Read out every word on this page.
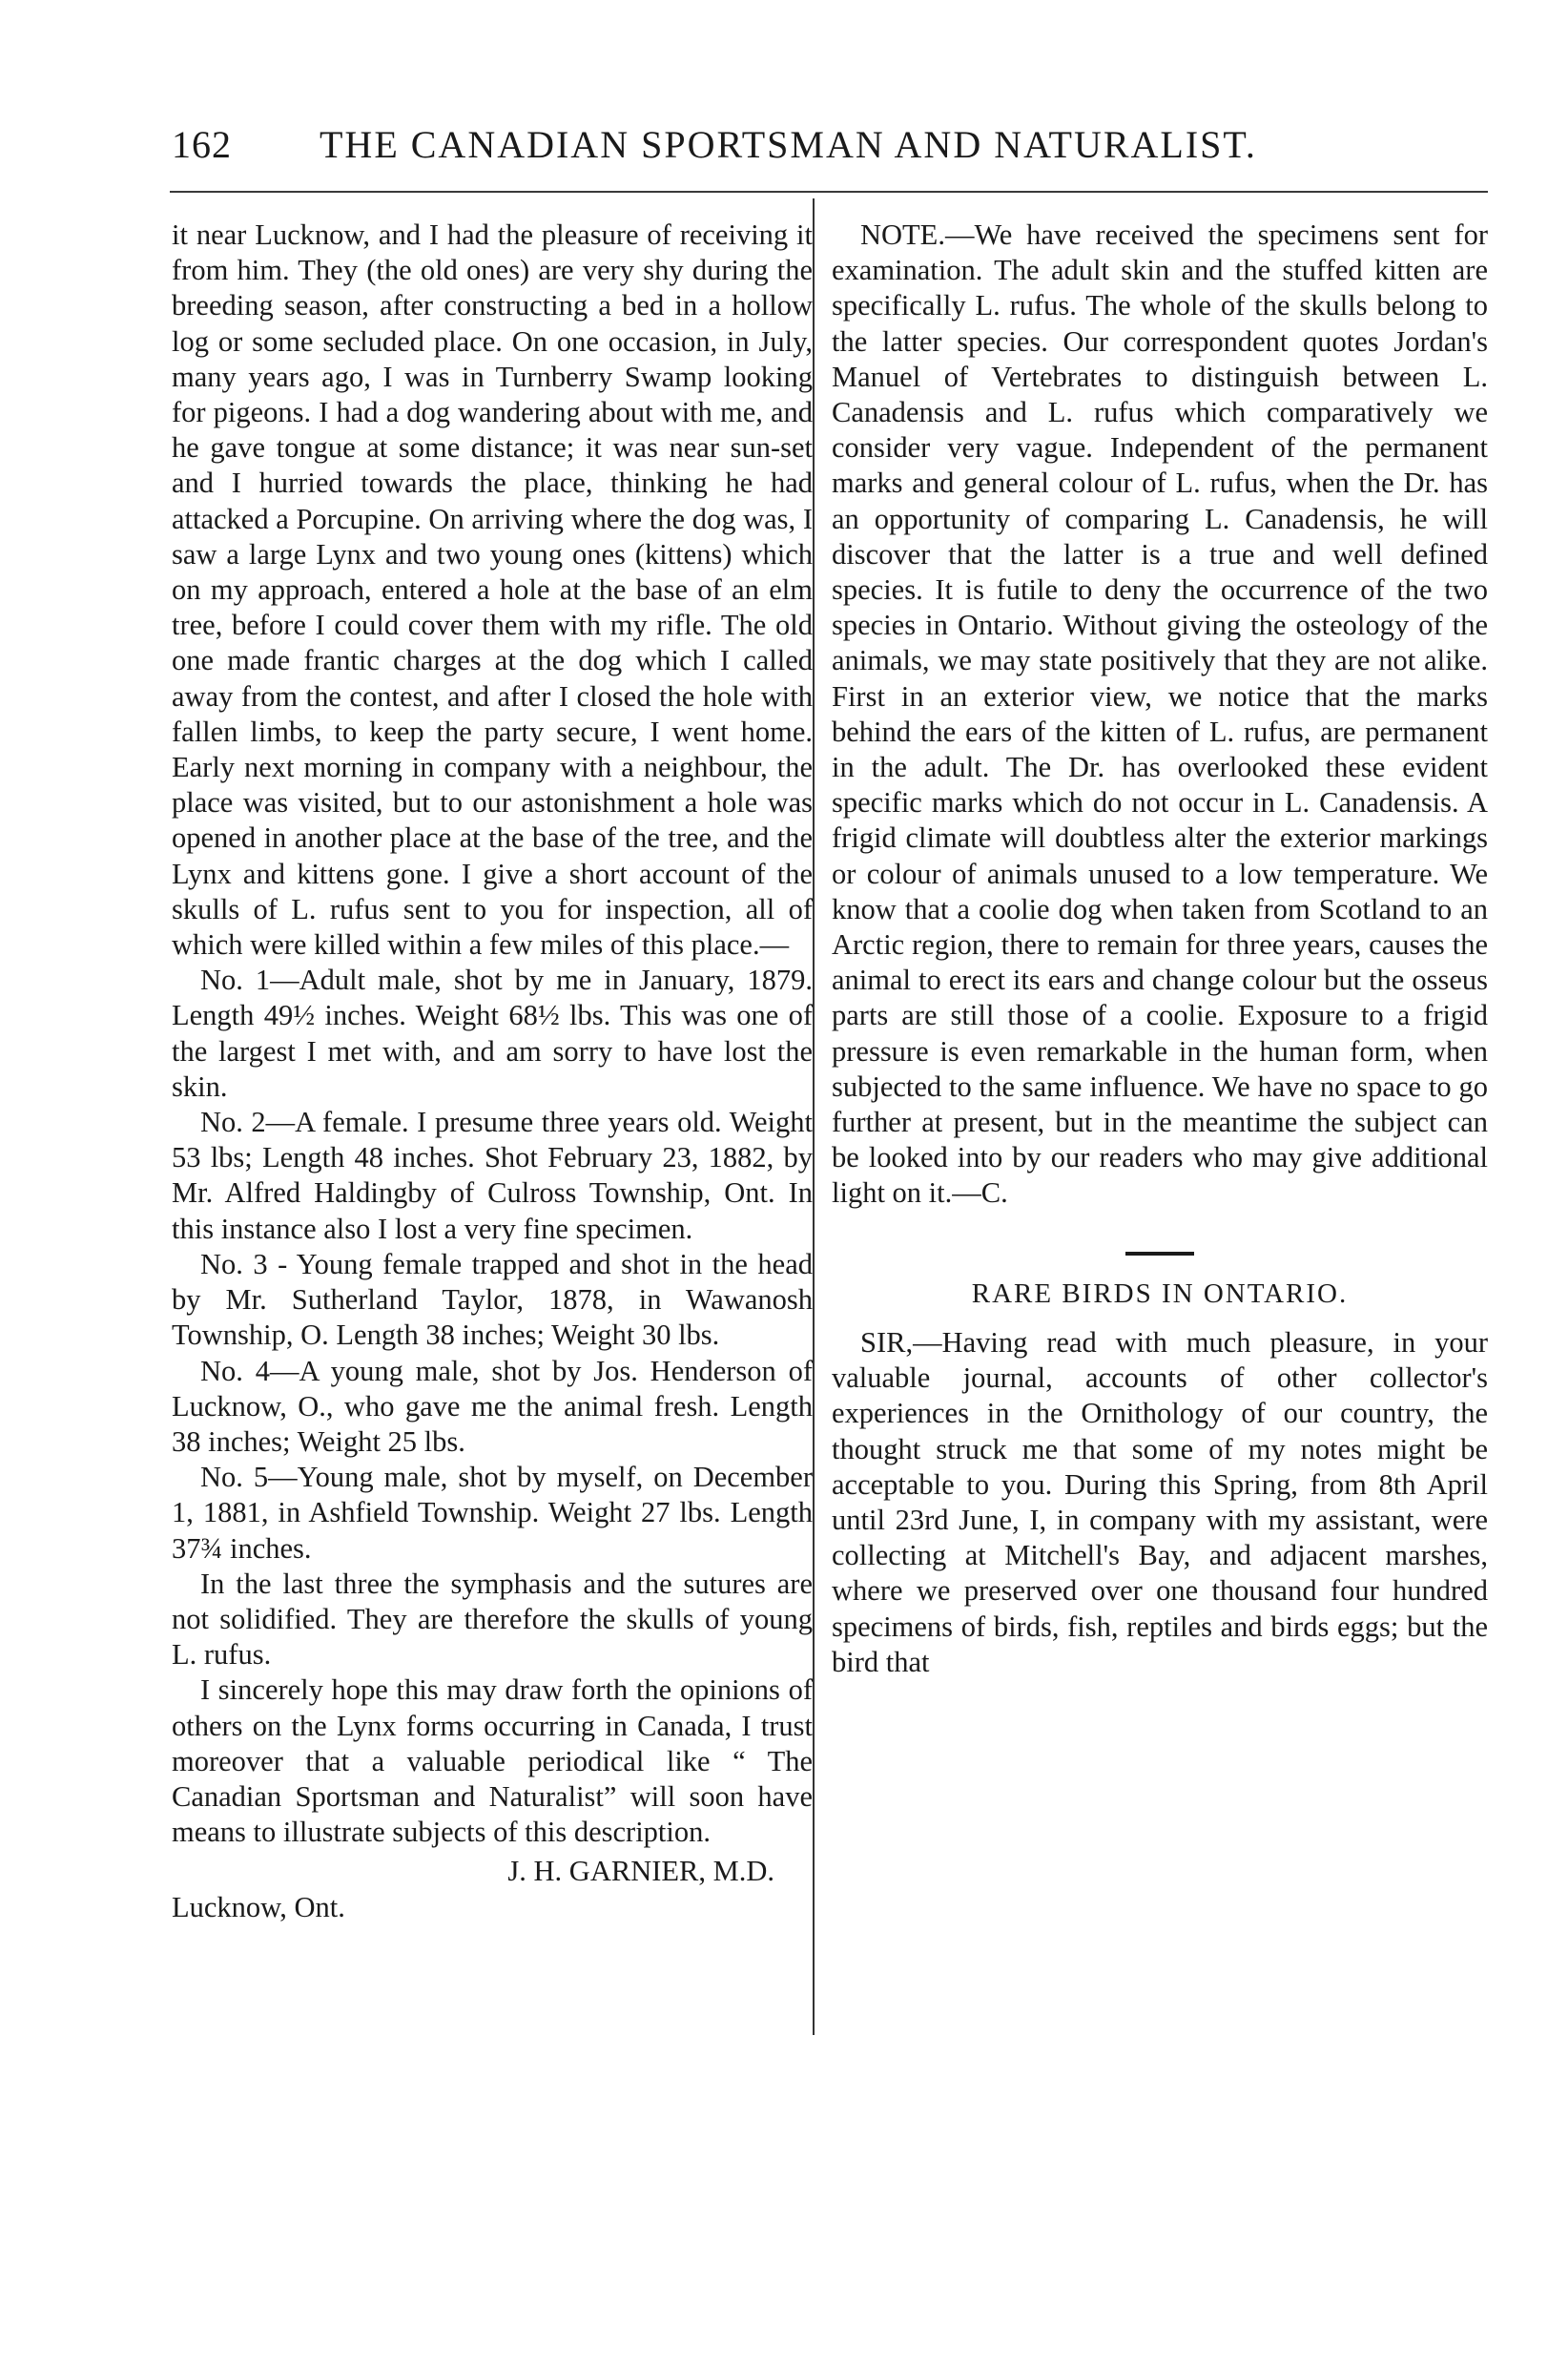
162 THE CANADIAN SPORTSMAN AND NATURALIST.

it near Lucknow, and I had the pleasure of receiving it from him. They (the old ones) are very shy during the breeding season, after constructing a bed in a hollow log or some secluded place. On one occasion, in July, many years ago, I was in Turnberry Swamp looking for pigeons. I had a dog wandering about with me, and he gave tongue at some distance; it was near sun-set and I hurried towards the place, thinking he had attacked a Porcupine. On arriving where the dog was, I saw a large Lynx and two young ones (kittens) which on my approach, entered a hole at the base of an elm tree, before I could cover them with my rifle. The old one made frantic charges at the dog which I called away from the contest, and after I closed the hole with fallen limbs, to keep the party secure, I went home. Early next morning in company with a neighbour, the place was visited, but to our astonishment a hole was opened in another place at the base of the tree, and the Lynx and kittens gone. I give a short account of the skulls of L. rufus sent to you for inspection, all of which were killed within a few miles of this place.—

No. 1—Adult male, shot by me in January, 1879. Length 49½ inches. Weight 68½ lbs. This was one of the largest I met with, and am sorry to have lost the skin.

No. 2—A female. I presume three years old. Weight 53 lbs; Length 48 inches. Shot February 23, 1882, by Mr. Alfred Haldingby of Culross Township, Ont. In this instance also I lost a very fine specimen.

No. 3 - Young female trapped and shot in the head by Mr. Sutherland Taylor, 1878, in Wawanosh Township, O. Length 38 inches; Weight 30 lbs.

No. 4—A young male, shot by Jos. Henderson of Lucknow, O., who gave me the animal fresh. Length 38 inches; Weight 25 lbs.

No. 5—Young male, shot by myself, on December 1, 1881, in Ashfield Township. Weight 27 lbs. Length 37¾ inches.

In the last three the symphasis and the sutures are not solidified. They are therefore the skulls of young L. rufus.

I sincerely hope this may draw forth the opinions of others on the Lynx forms occurring in Canada, I trust moreover that a valuable periodical like “ The Canadian Sportsman and Naturalist” will soon have means to illustrate subjects of this description.

J. H. GARNIER, M.D.

Lucknow, Ont.

NOTE.—We have received the specimens sent for examination. The adult skin and the stuffed kitten are specifically L. rufus. The whole of the skulls belong to the latter species. Our correspondent quotes Jordan's Manuel of Vertebrates to distinguish between L. Canadensis and L. rufus which comparatively we consider very vague. Independent of the permanent marks and general colour of L. rufus, when the Dr. has an opportunity of comparing L. Canadensis, he will discover that the latter is a true and well defined species. It is futile to deny the occurrence of the two species in Ontario. Without giving the osteology of the animals, we may state positively that they are not alike. First in an exterior view, we notice that the marks behind the ears of the kitten of L. rufus, are permanent in the adult. The Dr. has overlooked these evident specific marks which do not occur in L. Canadensis. A frigid climate will doubtless alter the exterior markings or colour of animals unused to a low temperature. We know that a coolie dog when taken from Scotland to an Arctic region, there to remain for three years, causes the animal to erect its ears and change colour but the osseus parts are still those of a coolie. Exposure to a frigid pressure is even remarkable in the human form, when subjected to the same influence. We have no space to go further at present, but in the meantime the subject can be looked into by our readers who may give additional light on it.—C.

RARE BIRDS IN ONTARIO.

SIR,—Having read with much pleasure, in your valuable journal, accounts of other collector's experiences in the Ornithology of our country, the thought struck me that some of my notes might be acceptable to you. During this Spring, from 8th April until 23rd June, I, in company with my assistant, were collecting at Mitchell's Bay, and adjacent marshes, where we preserved over one thousand four hundred specimens of birds, fish, reptiles and birds eggs; but the bird that
